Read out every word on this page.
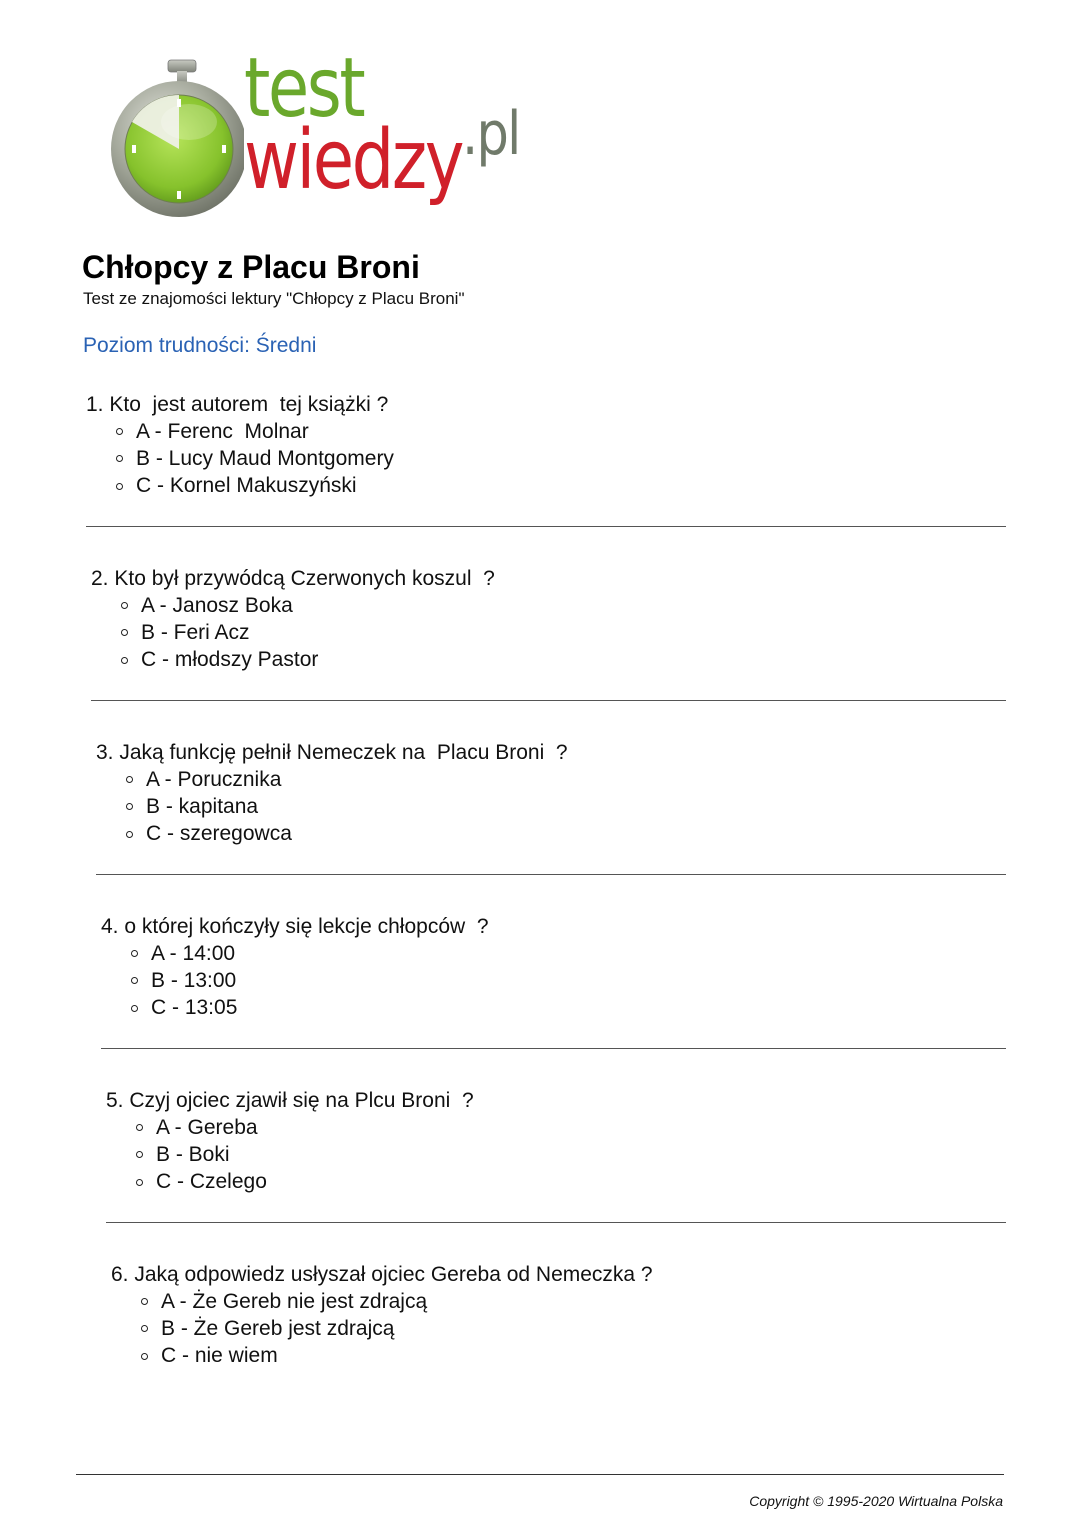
test
wiedzy .pl
Chłopcy z Placu Broni
Test ze znajomości lektury "Chłopcy z Placu Broni"
Poziom trudności: Średni
1. Kto  jest autorem  tej książki ?
A - Ferenc  Molnar
B - Lucy Maud Montgomery
C - Kornel Makuszyński
2. Kto był przywódcą Czerwonych koszul  ?
A - Janosz Boka
B - Feri Acz
C - młodszy Pastor
3. Jaką funkcję pełnił Nemeczek na  Placu Broni  ?
A - Porucznika
B - kapitana
C - szeregowca
4. o której kończyły się lekcje chłopców  ?
A - 14:00
B - 13:00
C - 13:05
5. Czyj ojciec zjawił się na Plcu Broni  ?
A - Gereba
B - Boki
C - Czelego
6. Jaką odpowiedz usłyszał ojciec Gereba od Nemeczka ?
A - Że Gereb nie jest zdrajcą
B - Że Gereb jest zdrajcą
C - nie wiem
Copyright © 1995-2020 Wirtualna Polska
